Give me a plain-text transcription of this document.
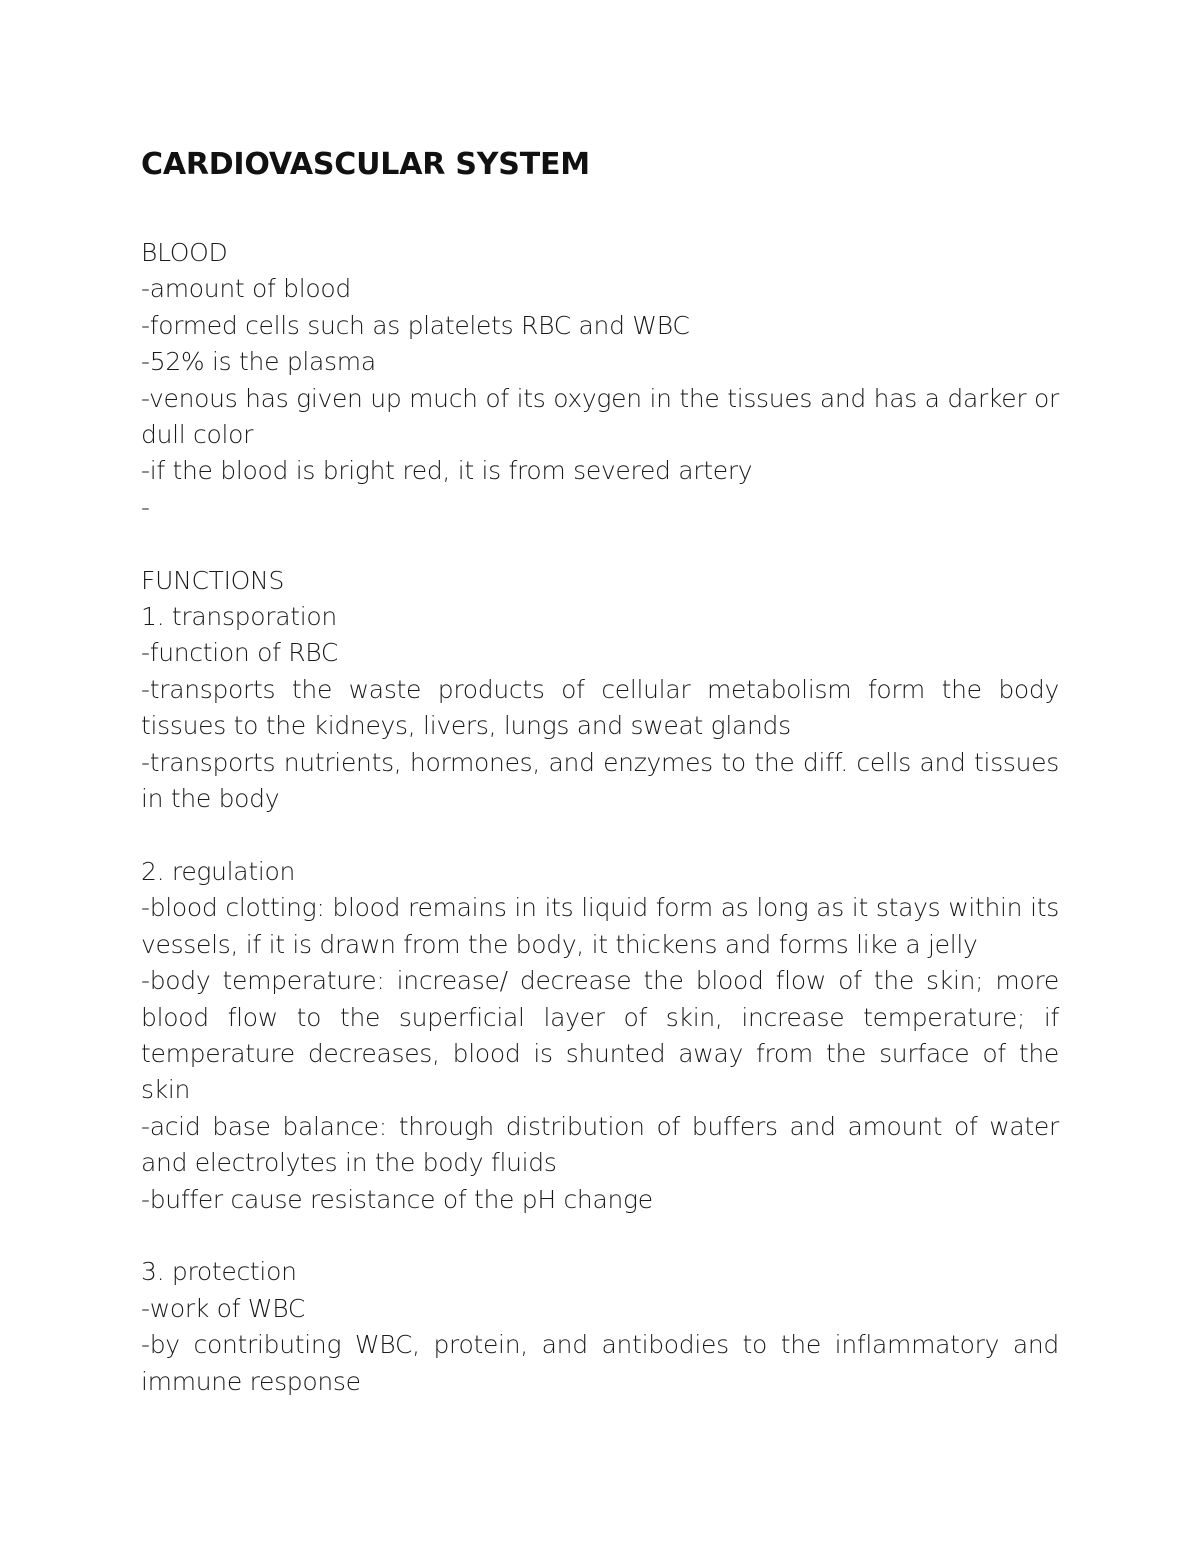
CARDIOVASCULAR SYSTEM
BLOOD
-amount of blood
-formed cells such as platelets RBC and WBC
-52% is the plasma
-venous has given up much of its oxygen in the tissues and has a darker or dull color
-if the blood is bright red, it is from severed artery
-
FUNCTIONS
1. transporation
-function of RBC
-transports the waste products of cellular metabolism form the body tissues to the kidneys, livers, lungs and sweat glands
-transports nutrients, hormones, and enzymes to the diff. cells and tissues in the body
2. regulation
-blood clotting: blood remains in its liquid form as long as it stays within its vessels, if it is drawn from the body, it thickens and forms like a jelly
-body temperature: increase/ decrease the blood flow of the skin; more blood flow to the superficial layer of skin, increase temperature; if temperature decreases, blood is shunted away from the surface of the skin
-acid base balance: through distribution of buffers and amount of water and electrolytes in the body fluids
-buffer cause resistance of the pH change
3. protection
-work of WBC
-by contributing WBC, protein, and antibodies to the inflammatory and immune response
